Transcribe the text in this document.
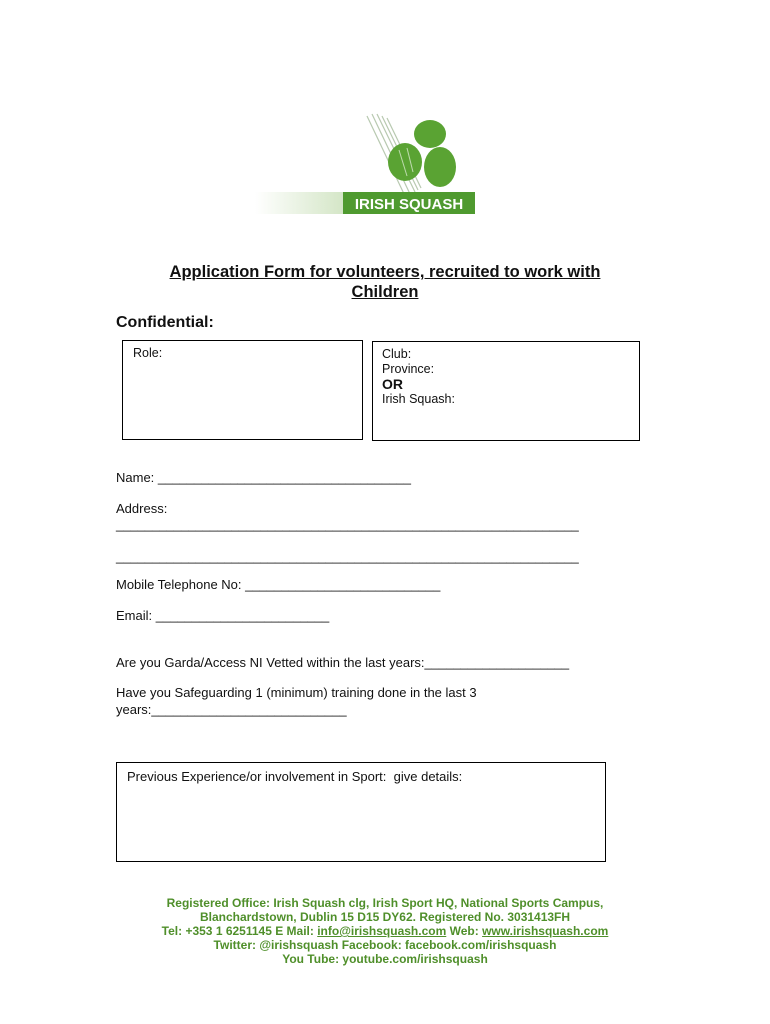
IRISH SQUASH
Application Form for volunteers, recruited to work with
Children
Confidential:
Role:	Club:
Province:
OR
Irish Squash:
Name: ___________________________________
Address:
________________________________________________________________
________________________________________________________________
Mobile Telephone No: ___________________________
Email: ________________________
Are you Garda/Access NI Vetted within the last years:____________________
Have you Safeguarding 1 (minimum) training done in the last 3
years:___________________________
Previous Experience/or involvement in Sport:  give details:
Registered Office: Irish Squash clg, Irish Sport HQ, National Sports Campus,
Blanchardstown, Dublin 15 D15 DY62. Registered No. 3031413FH
Tel: +353 1 6251145 E Mail: info@irishsquash.com Web: www.irishsquash.com
Twitter: @irishsquash Facebook: facebook.com/irishsquash
You Tube: youtube.com/irishsquash
